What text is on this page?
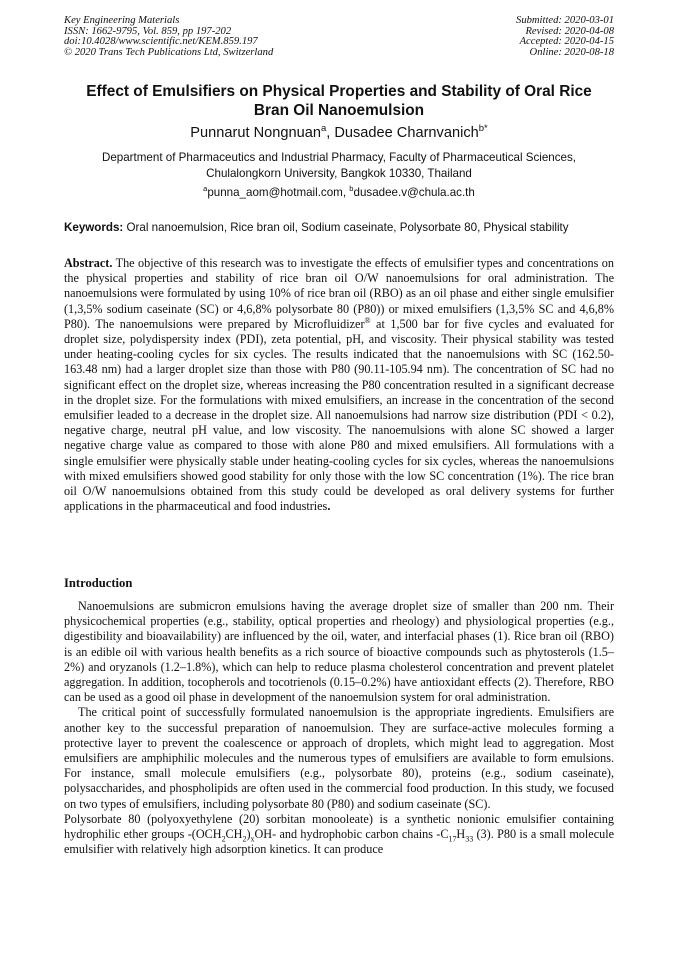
Key Engineering Materials
ISSN: 1662-9795, Vol. 859, pp 197-202
doi:10.4028/www.scientific.net/KEM.859.197
© 2020 Trans Tech Publications Ltd, Switzerland
Submitted: 2020-03-01
Revised: 2020-04-08
Accepted: 2020-04-15
Online: 2020-08-18
Effect of Emulsifiers on Physical Properties and Stability of Oral Rice
Bran Oil Nanoemulsion
Punnarut Nongnuan$^a$, Dusadee Charnvanich$^{b*}$
Department of Pharmaceutics and Industrial Pharmacy, Faculty of Pharmaceutical Sciences,
Chulalongkorn University, Bangkok 10330, Thailand
$^a$punna_aom@hotmail.com, $^b$dusadee.v@chula.ac.th
Keywords: Oral nanoemulsion, Rice bran oil, Sodium caseinate, Polysorbate 80, Physical stability
Abstract. The objective of this research was to investigate the effects of emulsifier types and concentrations on the physical properties and stability of rice bran oil O/W nanoemulsions for oral administration. The nanoemulsions were formulated by using 10% of rice bran oil (RBO) as an oil phase and either single emulsifier (1,3,5% sodium caseinate (SC) or 4,6,8% polysorbate 80 (P80)) or mixed emulsifiers (1,3,5% SC and 4,6,8% P80). The nanoemulsions were prepared by Microfluidizer® at 1,500 bar for five cycles and evaluated for droplet size, polydispersity index (PDI), zeta potential, pH, and viscosity. Their physical stability was tested under heating-cooling cycles for six cycles. The results indicated that the nanoemulsions with SC (162.50-163.48 nm) had a larger droplet size than those with P80 (90.11-105.94 nm). The concentration of SC had no significant effect on the droplet size, whereas increasing the P80 concentration resulted in a significant decrease in the droplet size. For the formulations with mixed emulsifiers, an increase in the concentration of the second emulsifier leaded to a decrease in the droplet size. All nanoemulsions had narrow size distribution (PDI < 0.2), negative charge, neutral pH value, and low viscosity. The nanoemulsions with alone SC showed a larger negative charge value as compared to those with alone P80 and mixed emulsifiers. All formulations with a single emulsifier were physically stable under heating-cooling cycles for six cycles, whereas the nanoemulsions with mixed emulsifiers showed good stability for only those with the low SC concentration (1%). The rice bran oil O/W nanoemulsions obtained from this study could be developed as oral delivery systems for further applications in the pharmaceutical and food industries.
Introduction

Nanoemulsions are submicron emulsions having the average droplet size of smaller than 200 nm. Their physicochemical properties (e.g., stability, optical properties and rheology) and physiological properties (e.g., digestibility and bioavailability) are influenced by the oil, water, and interfacial phases (1). Rice bran oil (RBO) is an edible oil with various health benefits as a rich source of bioactive compounds such as phytosterols (1.5–2%) and oryzanols (1.2–1.8%), which can help to reduce plasma cholesterol concentration and prevent platelet aggregation. In addition, tocopherols and tocotrienols (0.15–0.2%) have antioxidant effects (2). Therefore, RBO can be used as a good oil phase in development of the nanoemulsion system for oral administration.

The critical point of successfully formulated nanoemulsion is the appropriate ingredients. Emulsifiers are another key to the successful preparation of nanoemulsion. They are surface-active molecules forming a protective layer to prevent the coalescence or approach of droplets, which might lead to aggregation. Most emulsifiers are amphiphilic molecules and the numerous types of emulsifiers are available to form emulsions. For instance, small molecule emulsifiers (e.g., polysorbate 80), proteins (e.g., sodium caseinate), polysaccharides, and phospholipids are often used in the commercial food production. In this study, we focused on two types of emulsifiers, including polysorbate 80 (P80) and sodium caseinate (SC).

Polysorbate 80 (polyoxyethylene (20) sorbitan monooleate) is a synthetic nonionic emulsifier containing hydrophilic ether groups $-(OCH_2CH_2)_xOH-$ and hydrophobic carbon chains $-C_{17}H_{33}$ (3). P80 is a small molecule emulsifier with relatively high adsorption kinetics. It can produce
